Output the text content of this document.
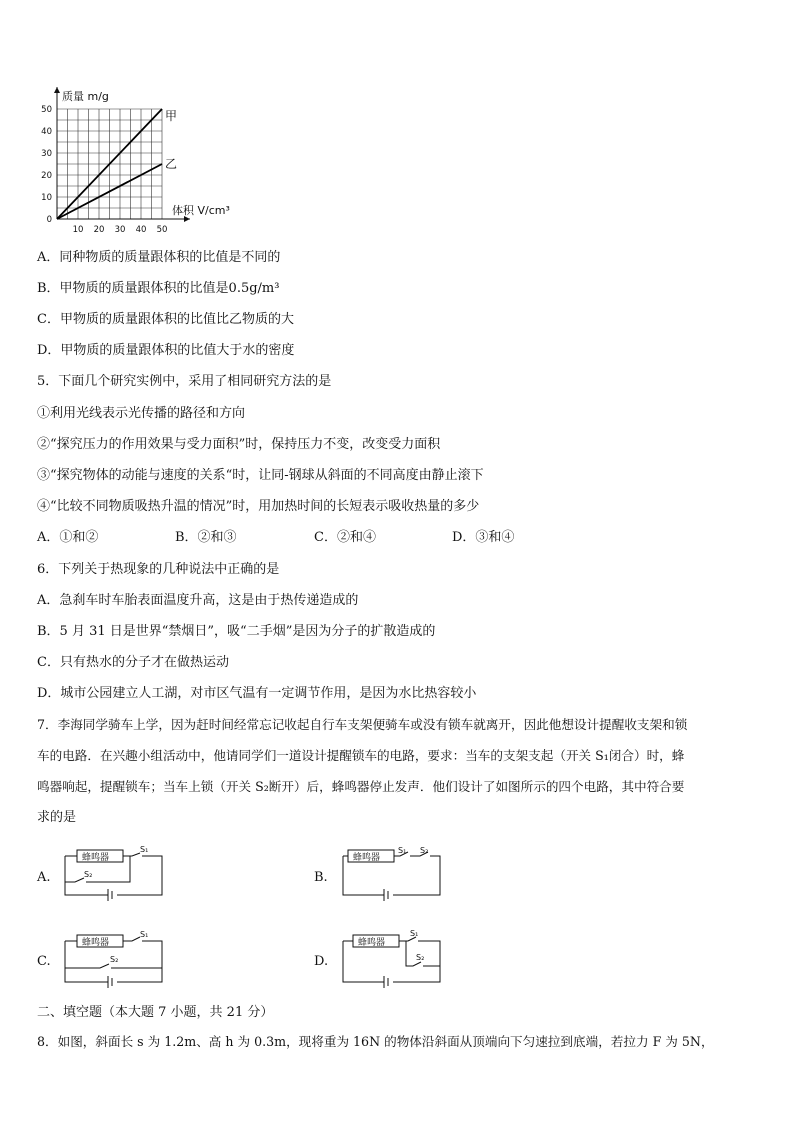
10 20 30 40 50
0
10
20
30
40
50
质量 m/g
体积 V/cm³
甲
乙
A．同种物质的质量跟体积的比值是不同的
B．甲物质的质量跟体积的比值是0.5g/m³
C．甲物质的质量跟体积的比值比乙物质的大
D．甲物质的质量跟体积的比值大于水的密度
5．下面几个研究实例中，采用了相同研究方法的是
①利用光线表示光传播的路径和方向
②“探究压力的作用效果与受力面积”时，保持压力不变，改变受力面积
③“探究物体的动能与速度的关系“时，让同-钢球从斜面的不同高度由静止滚下
④“比较不同物质吸热升温的情况”时，用加热时间的长短表示吸收热量的多少
A．①和②	B．②和③	C．②和④	D．③和④
6．下列关于热现象的几种说法中正确的是
A．急刹车时车胎表面温度升高，这是由于热传递造成的
B．5 月 31 日是世界“禁烟日”，吸“二手烟”是因为分子的扩散造成的
C．只有热水的分子才在做热运动
D．城市公园建立人工湖，对市区气温有一定调节作用，是因为水比热容较小
7．李海同学骑车上学，因为赶时间经常忘记收起自行车支架便骑车或没有锁车就离开，因此他想设计提醒收支架和锁
车的电路．在兴趣小组活动中，他请同学们一道设计提醒锁车的电路，要求：当车的支架支起（开关 S₁闭合）时，蜂
鸣器响起，提醒锁车；当车上锁（开关 S₂断开）后，蜂鸣器停止发声．他们设计了如图所示的四个电路，其中符合要
求的是
A.	B.
C.	D.
蜂鸣器
S₁
S₂
蜂鸣器
S₁ S₂
蜂鸣器
S₁
S₂
蜂鸣器
S₁
S₂
二、填空题（本大题 7 小题，共 21 分）
8．如图，斜面长 s 为 1.2m、高 h 为 0.3m，现将重为 16N 的物体沿斜面从顶端向下匀速拉到底端，若拉力 F 为 5N，
